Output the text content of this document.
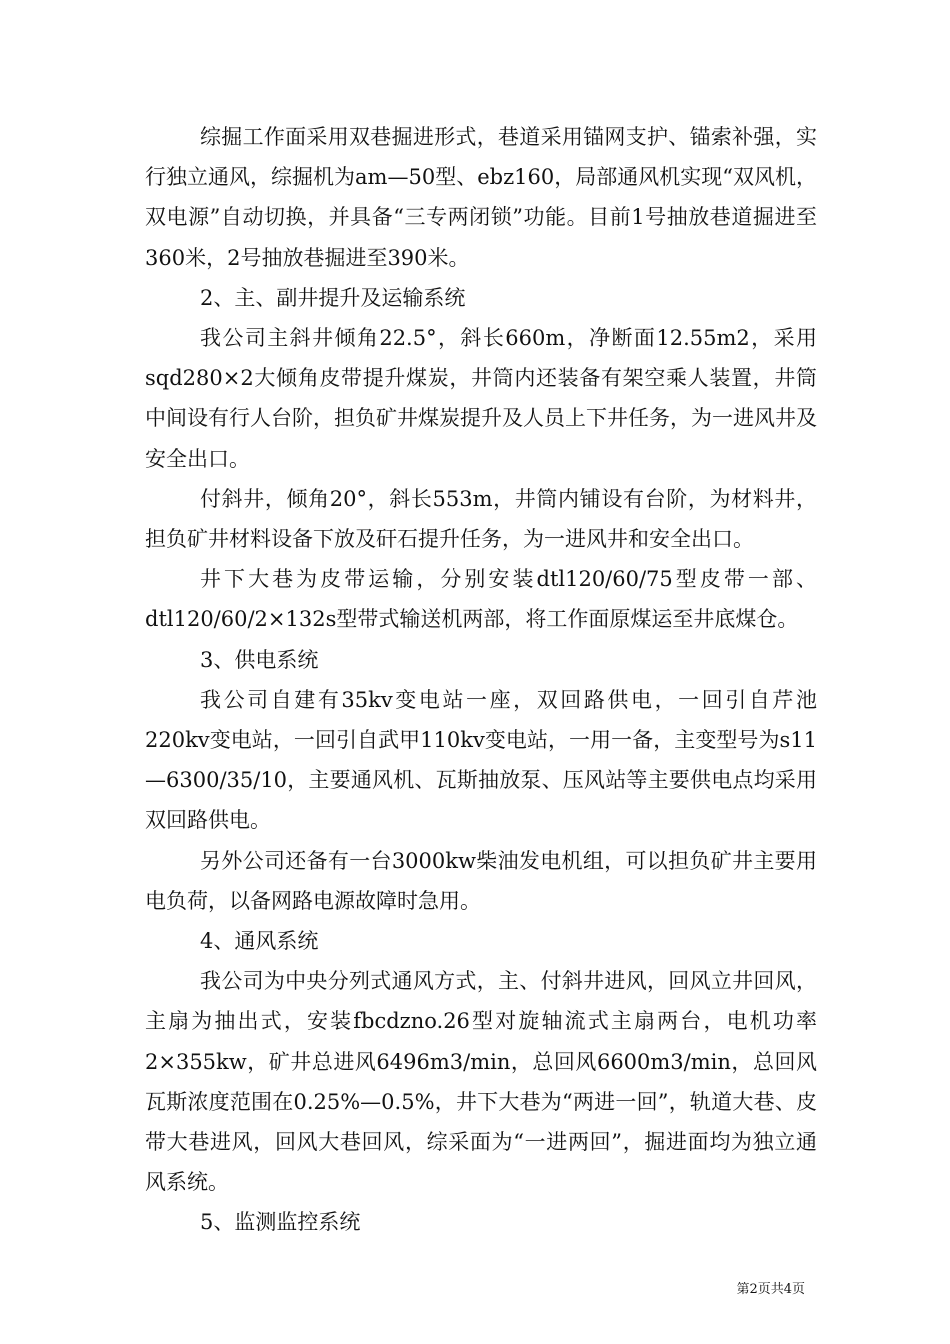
综掘工作面采用双巷掘进形式，巷道采用锚网支护、锚索补强，实行独立通风，综掘机为am—50型、ebz160，局部通风机实现“双风机，双电源”自动切换，并具备“三专两闭锁”功能。目前1号抽放巷道掘进至360米，2号抽放巷掘进至390米。

2、主、副井提升及运输系统

我公司主斜井倾角22.5°，斜长660m，净断面12.55m2，采用sqd280×2大倾角皮带提升煤炭，井筒内还装备有架空乘人装置，井筒中间设有行人台阶，担负矿井煤炭提升及人员上下井任务，为一进风井及安全出口。

付斜井，倾角20°，斜长553m，井筒内铺设有台阶，为材料井，担负矿井材料设备下放及矸石提升任务，为一进风井和安全出口。

井下大巷为皮带运输，分别安装dtl120/60/75型皮带一部、dtl120/60/2×132s型带式输送机两部，将工作面原煤运至井底煤仓。

3、供电系统

我公司自建有35kv变电站一座，双回路供电，一回引自芹池220kv变电站，一回引自武甲110kv变电站，一用一备，主变型号为s11—6300/35/10，主要通风机、瓦斯抽放泵、压风站等主要供电点均采用双回路供电。

另外公司还备有一台3000kw柴油发电机组，可以担负矿井主要用电负荷，以备网路电源故障时急用。

4、通风系统

我公司为中央分列式通风方式，主、付斜井进风，回风立井回风，主扇为抽出式，安装fbcdzno.26型对旋轴流式主扇两台，电机功率2×355kw，矿井总进风6496m3/min，总回风6600m3/min，总回风瓦斯浓度范围在0.25%—0.5%，井下大巷为“两进一回”，轨道大巷、皮带大巷进风，回风大巷回风，综采面为“一进两回”，掘进面均为独立通风系统。

5、监测监控系统

第2页共4页
